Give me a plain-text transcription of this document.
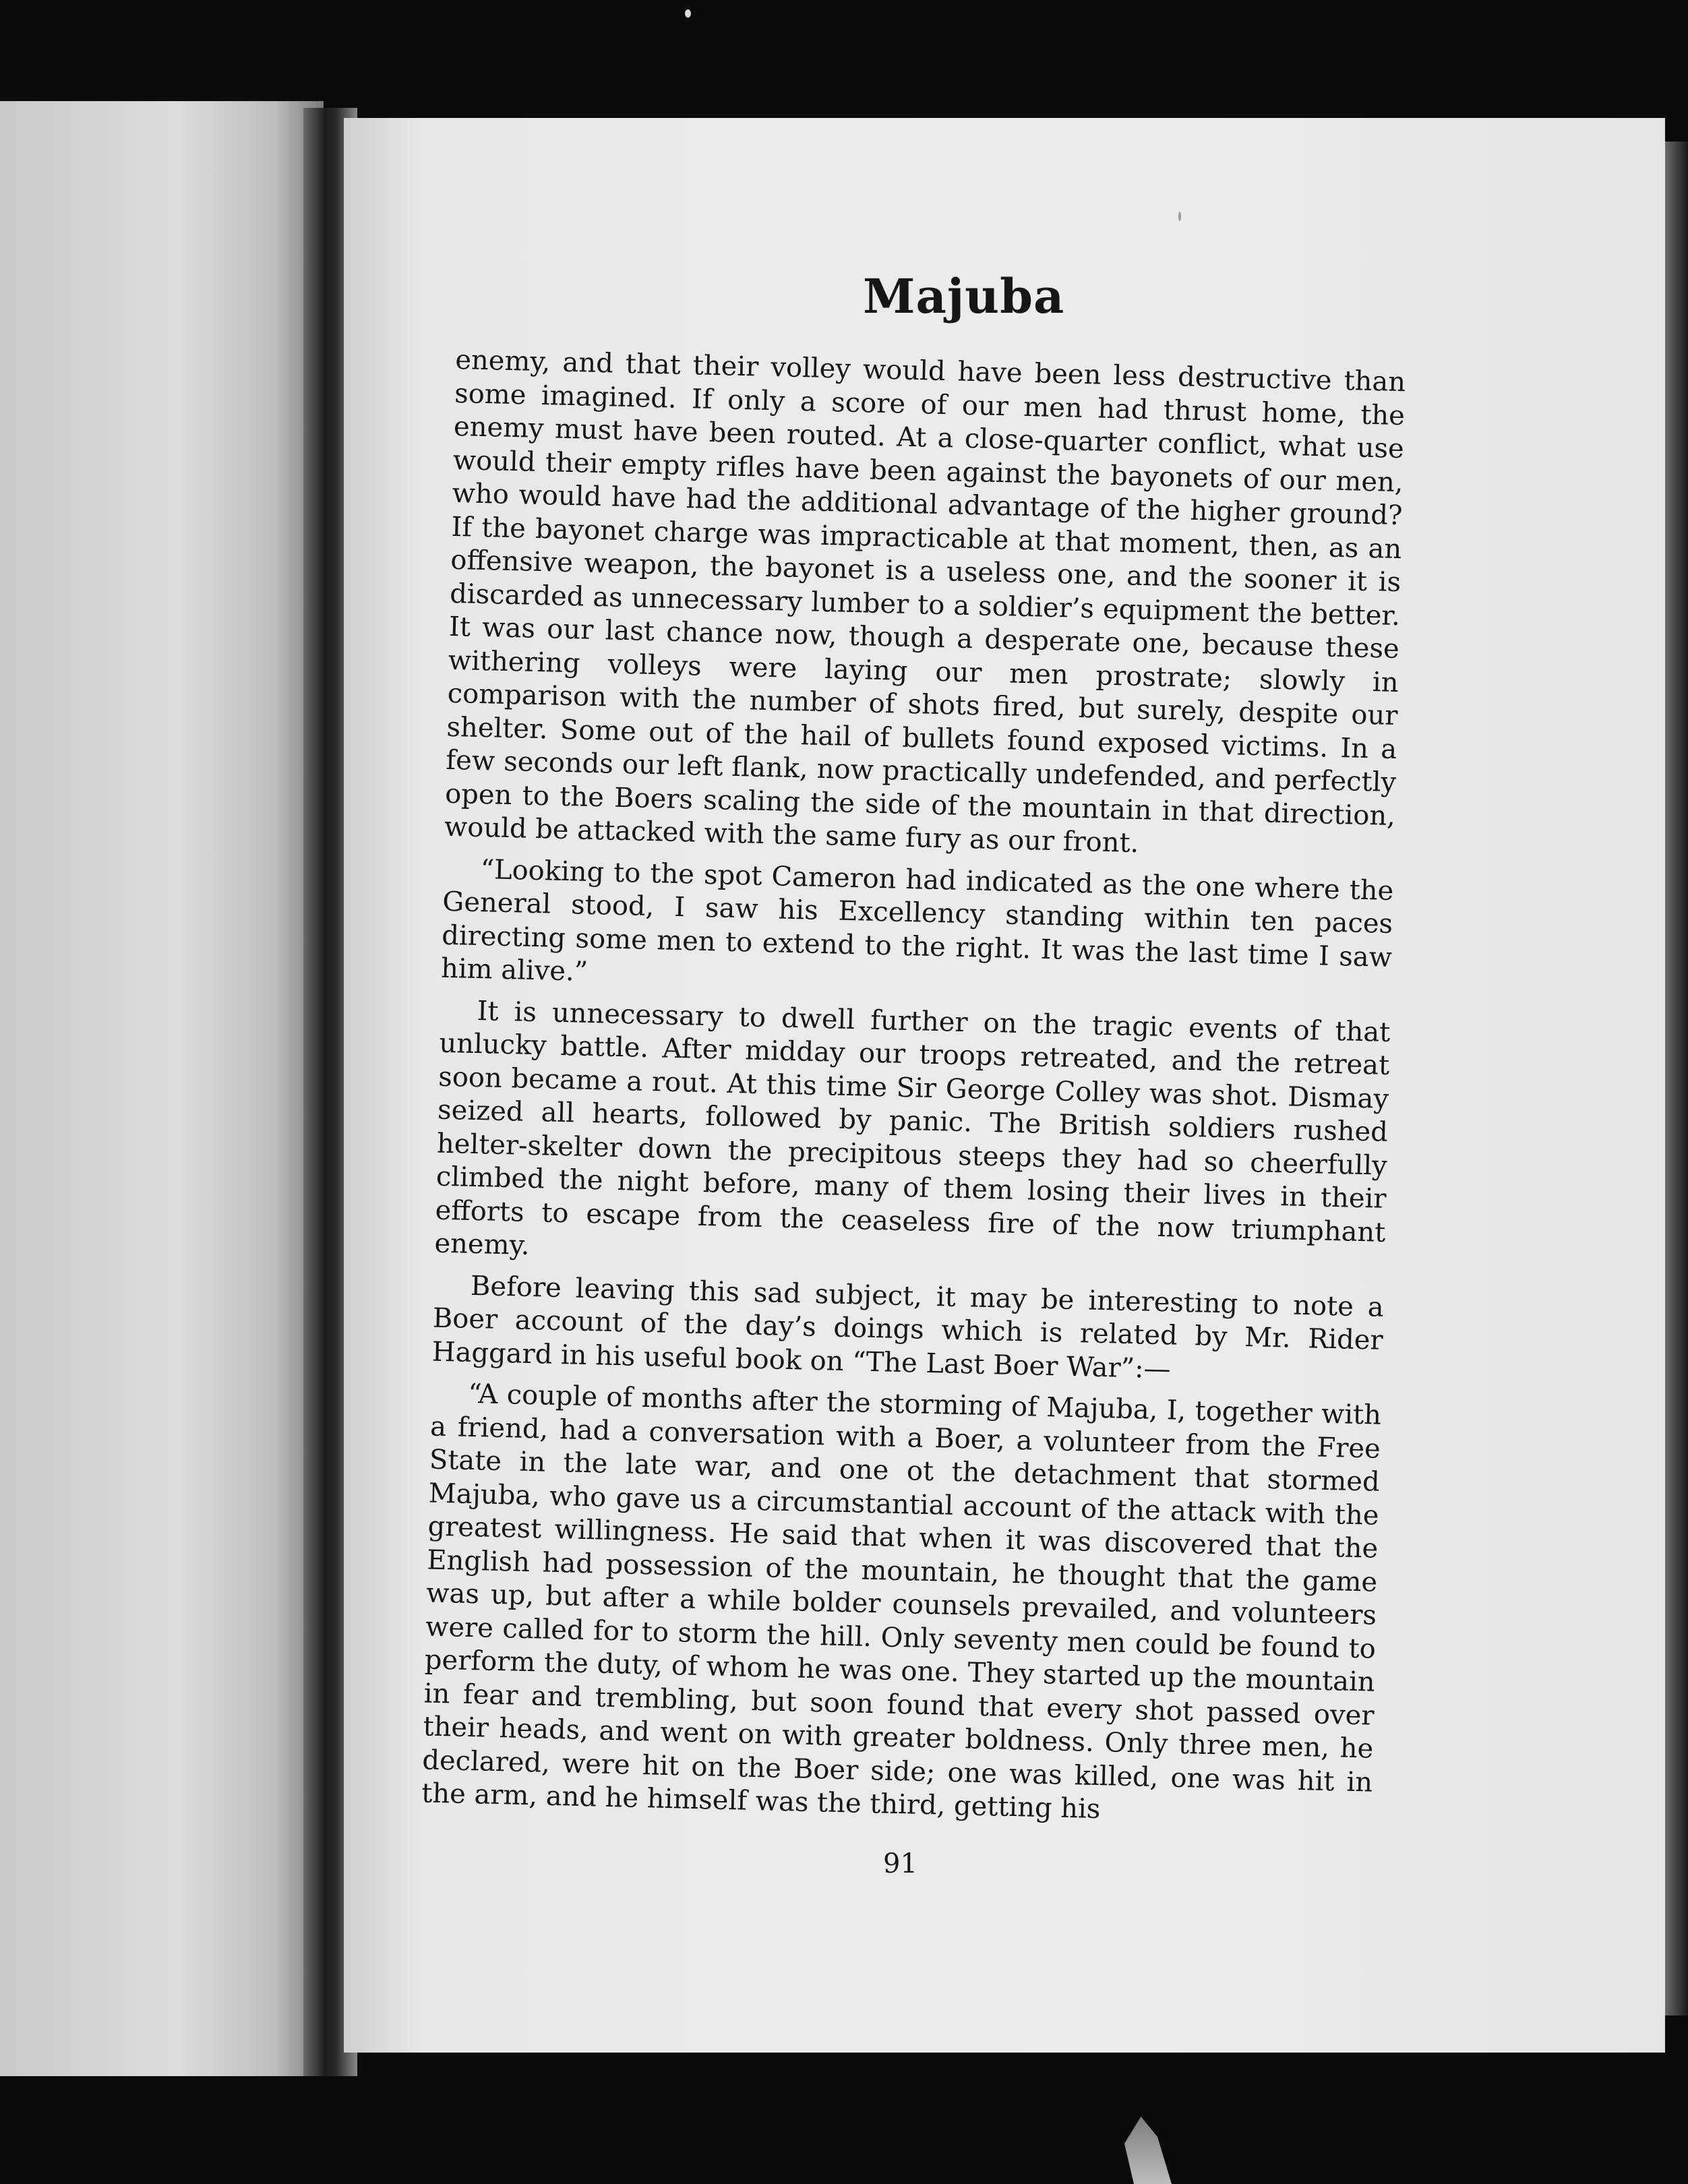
Majuba

enemy, and that their volley would have been less destructive than some imagined. If only a score of our men had thrust home, the enemy must have been routed. At a close-quarter conflict, what use would their empty rifles have been against the bayonets of our men, who would have had the additional advantage of the higher ground? If the bayonet charge was impracticable at that moment, then, as an offensive weapon, the bayonet is a useless one, and the sooner it is discarded as unnecessary lumber to a soldier’s equipment the better. It was our last chance now, though a desperate one, because these withering volleys were laying our men prostrate; slowly in comparison with the number of shots fired, but surely, despite our shelter. Some out of the hail of bullets found exposed victims. In a few seconds our left flank, now practically undefended, and perfectly open to the Boers scaling the side of the mountain in that direction, would be attacked with the same fury as our front.

“Looking to the spot Cameron had indicated as the one where the General stood, I saw his Excellency standing within ten paces directing some men to extend to the right. It was the last time I saw him alive.”

It is unnecessary to dwell further on the tragic events of that unlucky battle. After midday our troops retreated, and the retreat soon became a rout. At this time Sir George Colley was shot. Dismay seized all hearts, followed by panic. The British soldiers rushed helter-skelter down the precipitous steeps they had so cheerfully climbed the night before, many of them losing their lives in their efforts to escape from the ceaseless fire of the now triumphant enemy.

Before leaving this sad subject, it may be interesting to note a Boer account of the day’s doings which is related by Mr. Rider Haggard in his useful book on “The Last Boer War”:—

“A couple of months after the storming of Majuba, I, together with a friend, had a conversation with a Boer, a volunteer from the Free State in the late war, and one ot the detachment that stormed Majuba, who gave us a circumstantial account of the attack with the greatest willingness. He said that when it was discovered that the English had possession of the mountain, he thought that the game was up, but after a while bolder counsels prevailed, and volunteers were called for to storm the hill. Only seventy men could be found to perform the duty, of whom he was one. They started up the mountain in fear and trembling, but soon found that every shot passed over their heads, and went on with greater boldness. Only three men, he declared, were hit on the Boer side; one was killed, one was hit in the arm, and he himself was the third, getting his

91
